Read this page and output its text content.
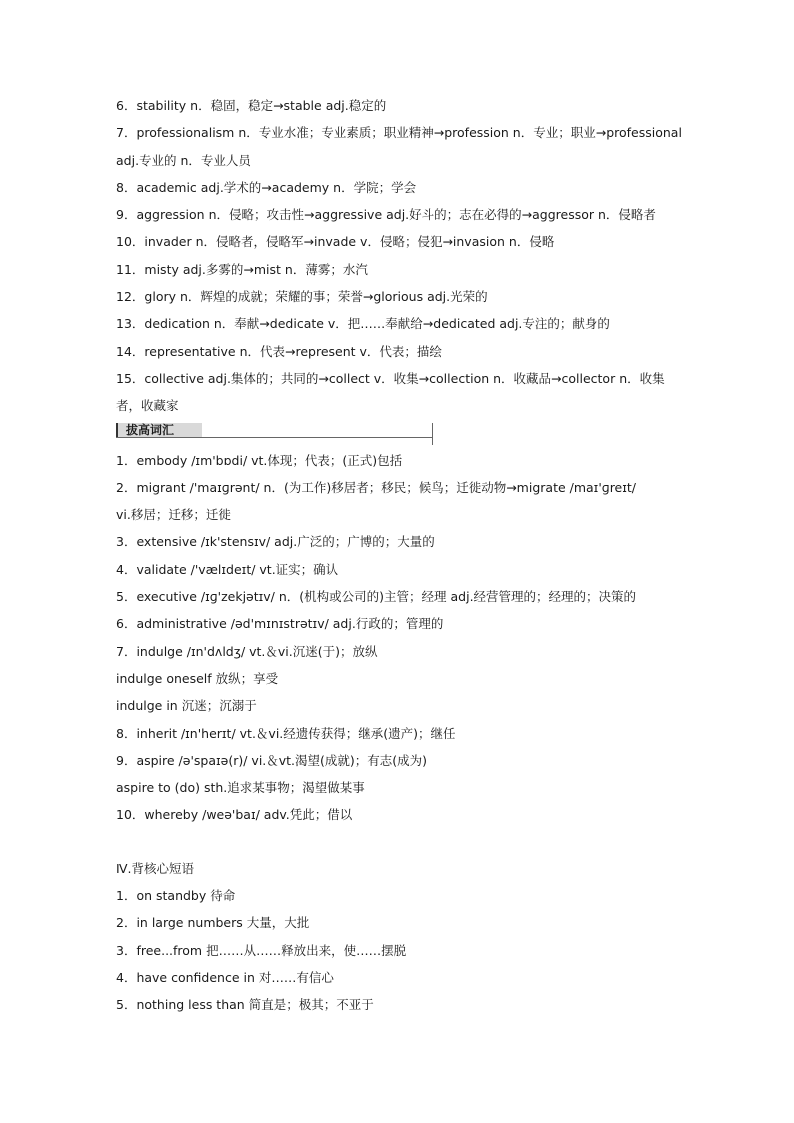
6．stability n．稳固，稳定→stable adj.稳定的
7．professionalism n．专业水准；专业素质；职业精神→profession n．专业；职业→professional
adj.专业的 n．专业人员
8．academic adj.学术的→academy n．学院；学会
9．aggression n．侵略；攻击性→aggressive adj.好斗的；志在必得的→aggressor n．侵略者
10．invader n．侵略者，侵略军→invade v．侵略；侵犯→invasion n．侵略
11．misty adj.多雾的→mist n．薄雾；水汽
12．glory n．辉煌的成就；荣耀的事；荣誉→glorious adj.光荣的
13．dedication n．奉献→dedicate v．把……奉献给→dedicated adj.专注的；献身的
14．representative n．代表→represent v．代表；描绘
15．collective adj.集体的；共同的→collect v．收集→collection n．收藏品→collector n．收集
者，收藏家
拔高词汇
1．embody /ɪm'bɒdi/ vt.体现；代表；(正式)包括
2．migrant /'maɪɡrənt/ n．(为工作)移居者；移民；候鸟；迁徙动物→migrate /maɪ'ɡreɪt/
vi.移居；迁移；迁徙
3．extensive /ɪk'stensɪv/ adj.广泛的；广博的；大量的
4．validate /'vælɪdeɪt/ vt.证实；确认
5．executive /ɪɡ'zekjətɪv/ n．(机构或公司的)主管；经理 adj.经营管理的；经理的；决策的
6．administrative /əd'mɪnɪstrətɪv/ adj.行政的；管理的
7．indulge /ɪn'dʌldʒ/ vt.＆vi.沉迷(于)；放纵
indulge oneself 放纵；享受
indulge in 沉迷；沉溺于
8．inherit /ɪn'herɪt/ vt.＆vi.经遗传获得；继承(遗产)；继任
9．aspire /ə'spaɪə(r)/ vi.＆vt.渴望(成就)；有志(成为)
aspire to (do) sth.追求某事物；渴望做某事
10．whereby /weə'baɪ/ adv.凭此；借以
Ⅳ.背核心短语
1．on standby 待命
2．in large numbers 大量，大批
3．free...from 把……从……释放出来，使……摆脱
4．have confidence in 对……有信心
5．nothing less than 简直是；极其；不亚于
